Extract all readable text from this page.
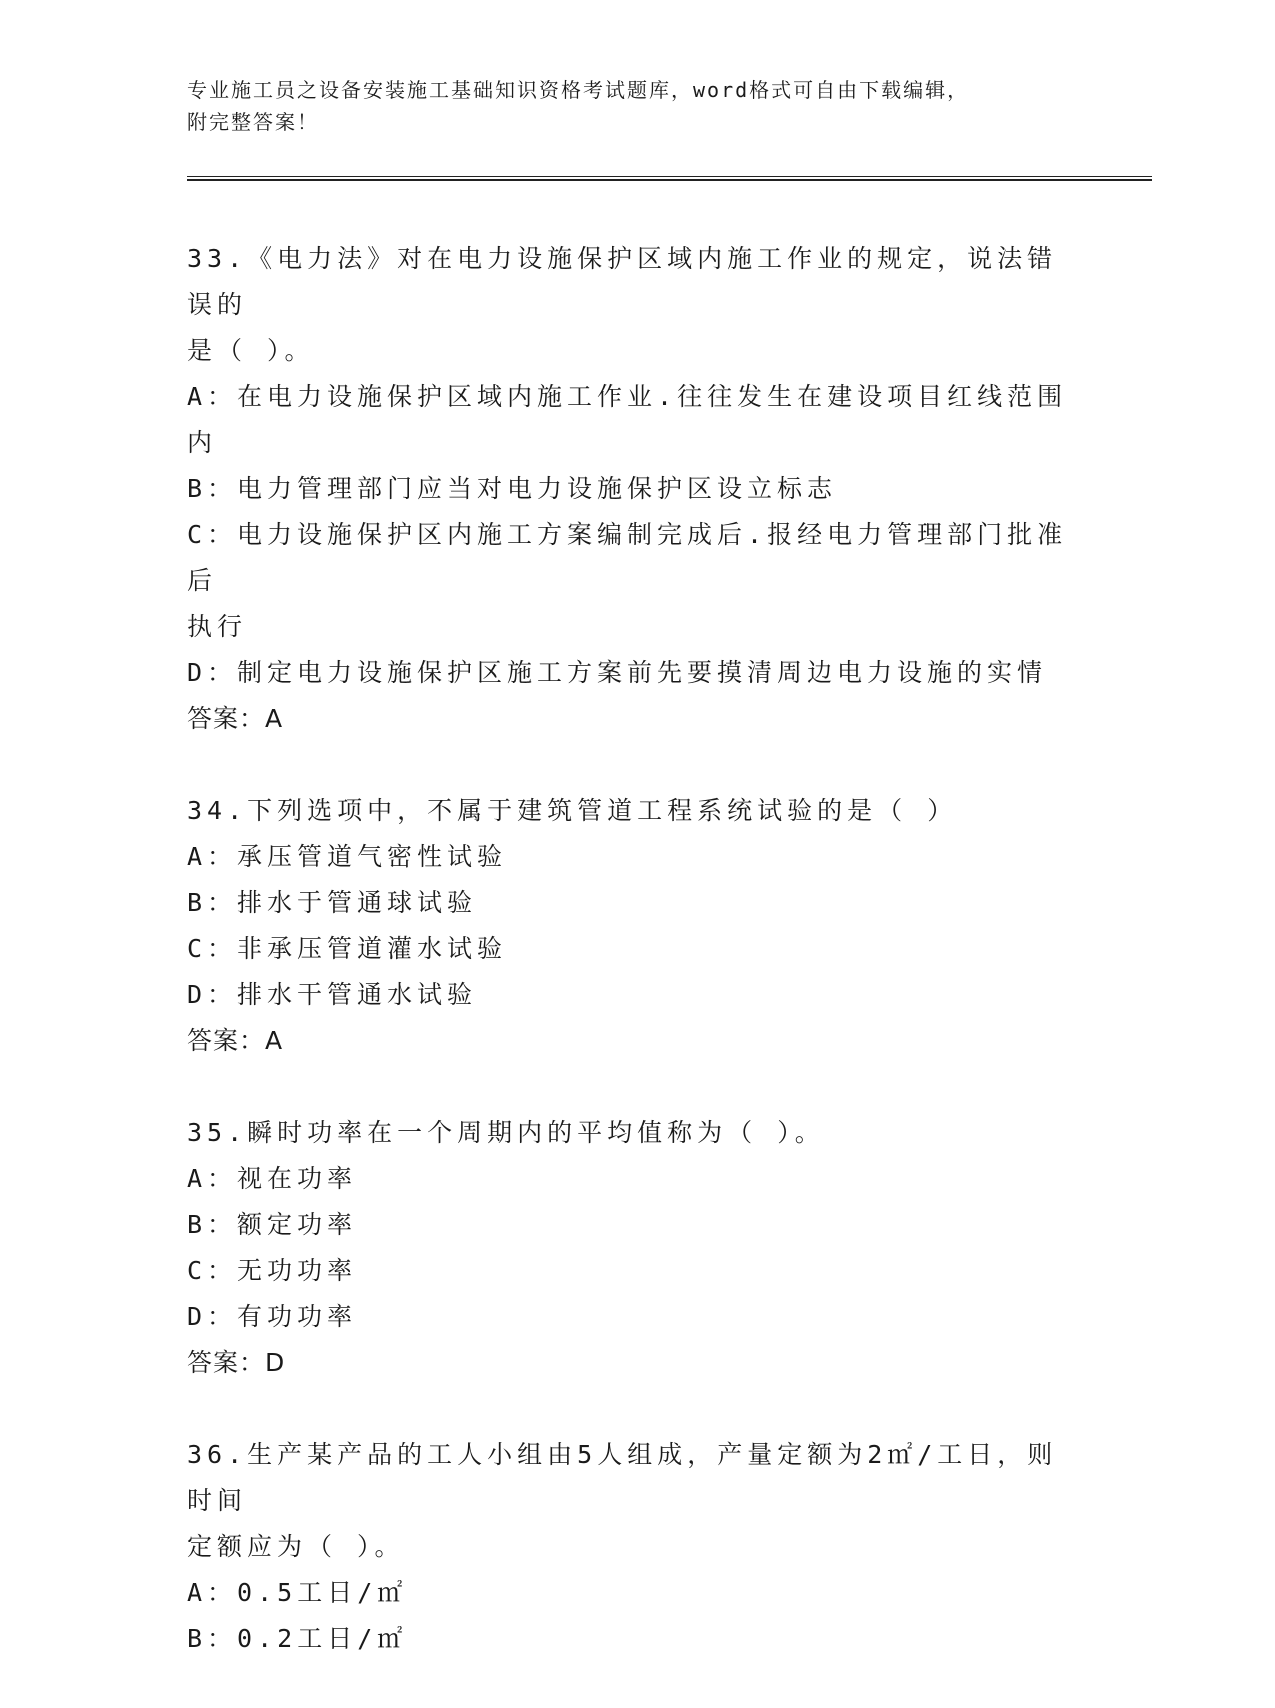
专业施工员之设备安装施工基础知识资格考试题库，word格式可自由下载编辑，
附完整答案！

33.《电力法》对在电力设施保护区域内施工作业的规定，说法错误的

是（ ）。

A：在电力设施保护区域内施工作业.往往发生在建设项目红线范围内

B：电力管理部门应当对电力设施保护区设立标志

C：电力设施保护区内施工方案编制完成后.报经电力管理部门批准后

执行

D：制定电力设施保护区施工方案前先要摸清周边电力设施的实情

答案：A

34.下列选项中，不属于建筑管道工程系统试验的是（ ）

A：承压管道气密性试验

B：排水于管通球试验

C：非承压管道灌水试验

D：排水干管通水试验

答案：A

35.瞬时功率在一个周期内的平均值称为（ ）。

A：视在功率

B：额定功率

C：无功功率

D：有功功率

答案：D

36.生产某产品的工人小组由5人组成，产量定额为2㎡/工日，则时间

定额应为（ ）。

A：0.5工日/㎡

B：0.2工日/㎡
